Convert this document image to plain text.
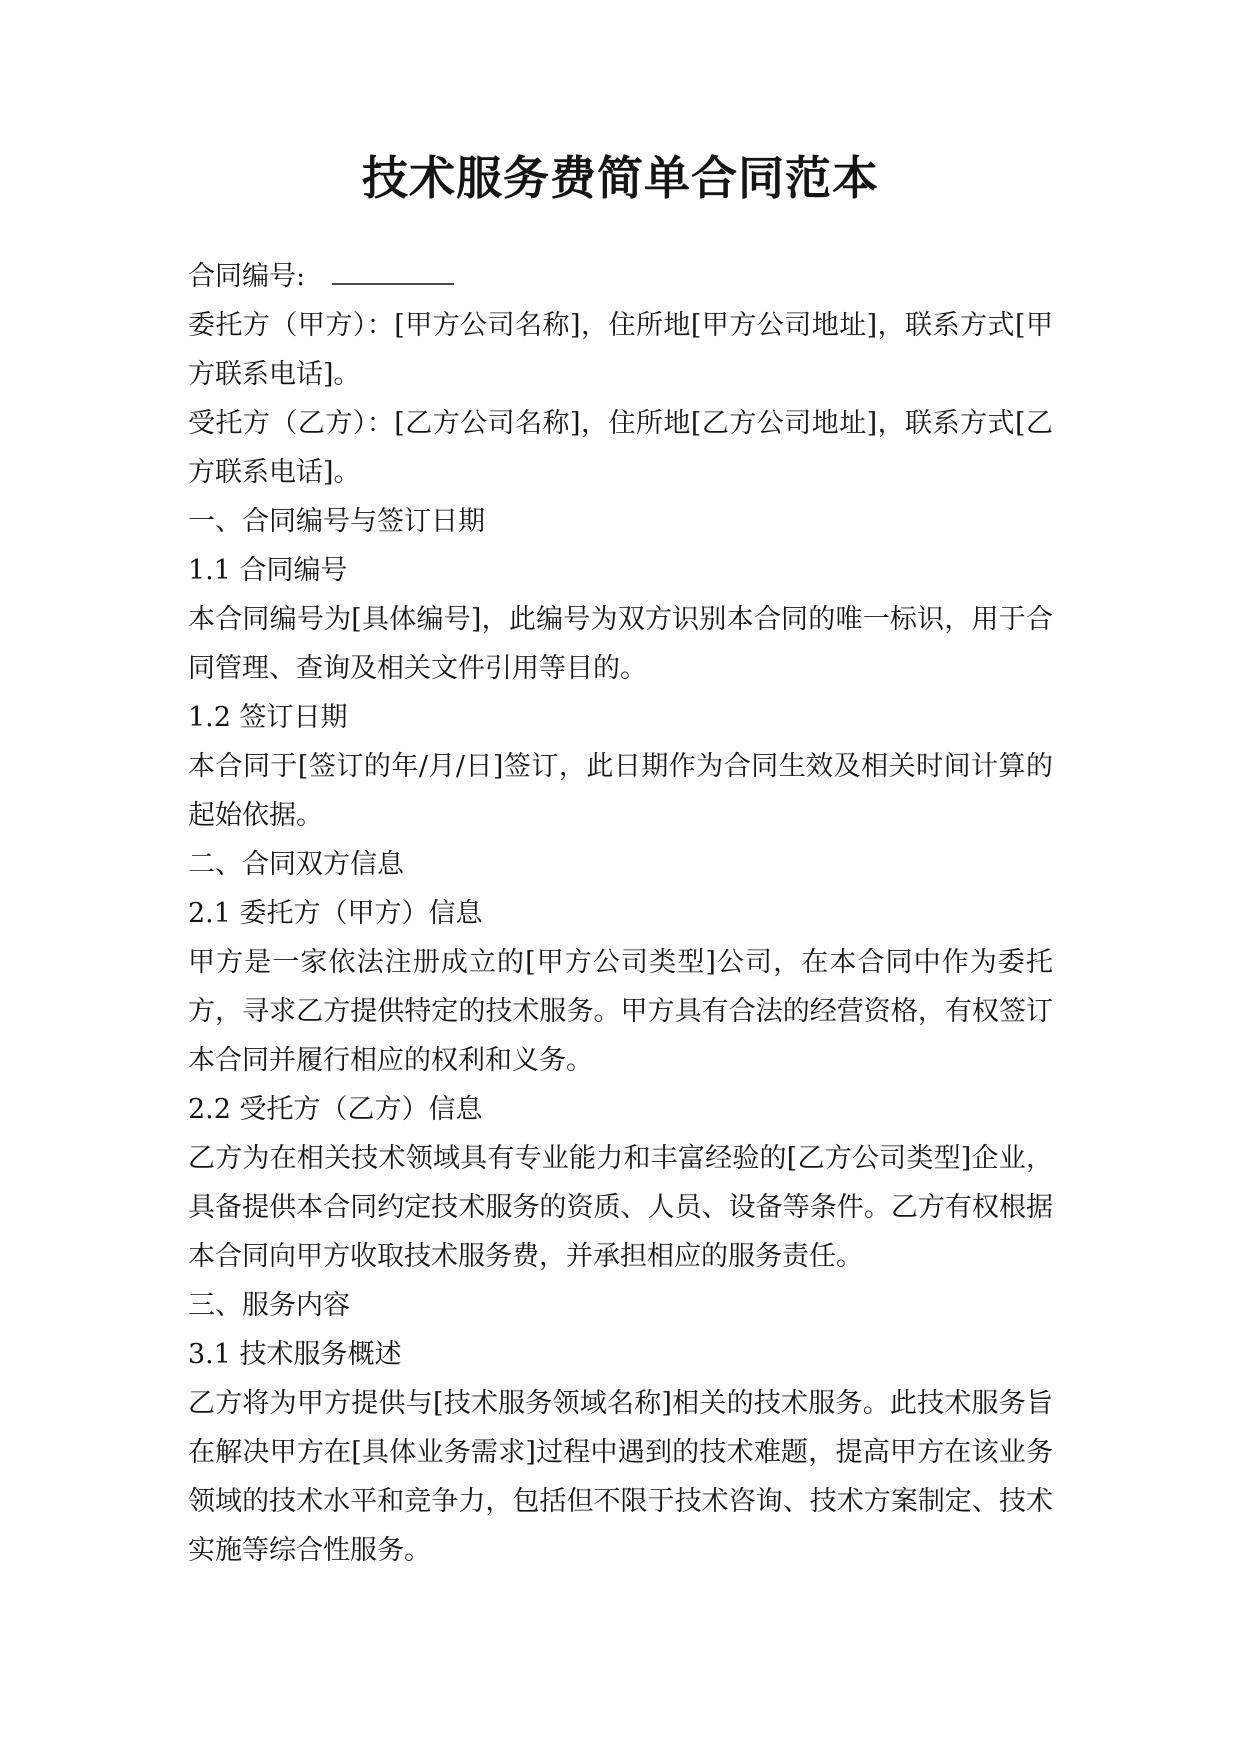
技术服务费简单合同范本

合同编号:

委托方（甲方）：[甲方公司名称]，住所地[甲方公司地址]，联系方式[甲方联系电话]。

受托方（乙方）：[乙方公司名称]，住所地[乙方公司地址]，联系方式[乙方联系电话]。

一、合同编号与签订日期

1.1 合同编号

本合同编号为[具体编号]，此编号为双方识别本合同的唯一标识，用于合同管理、查询及相关文件引用等目的。

1.2 签订日期

本合同于[签订的年/月/日]签订，此日期作为合同生效及相关时间计算的起始依据。

二、合同双方信息

2.1 委托方（甲方）信息

甲方是一家依法注册成立的[甲方公司类型]公司，在本合同中作为委托方，寻求乙方提供特定的技术服务。甲方具有合法的经营资格，有权签订本合同并履行相应的权利和义务。

2.2 受托方（乙方）信息

乙方为在相关技术领域具有专业能力和丰富经验的[乙方公司类型]企业，具备提供本合同约定技术服务的资质、人员、设备等条件。乙方有权根据本合同向甲方收取技术服务费，并承担相应的服务责任。

三、服务内容

3.1 技术服务概述

乙方将为甲方提供与[技术服务领域名称]相关的技术服务。此技术服务旨在解决甲方在[具体业务需求]过程中遇到的技术难题，提高甲方在该业务领域的技术水平和竞争力，包括但不限于技术咨询、技术方案制定、技术实施等综合性服务。
